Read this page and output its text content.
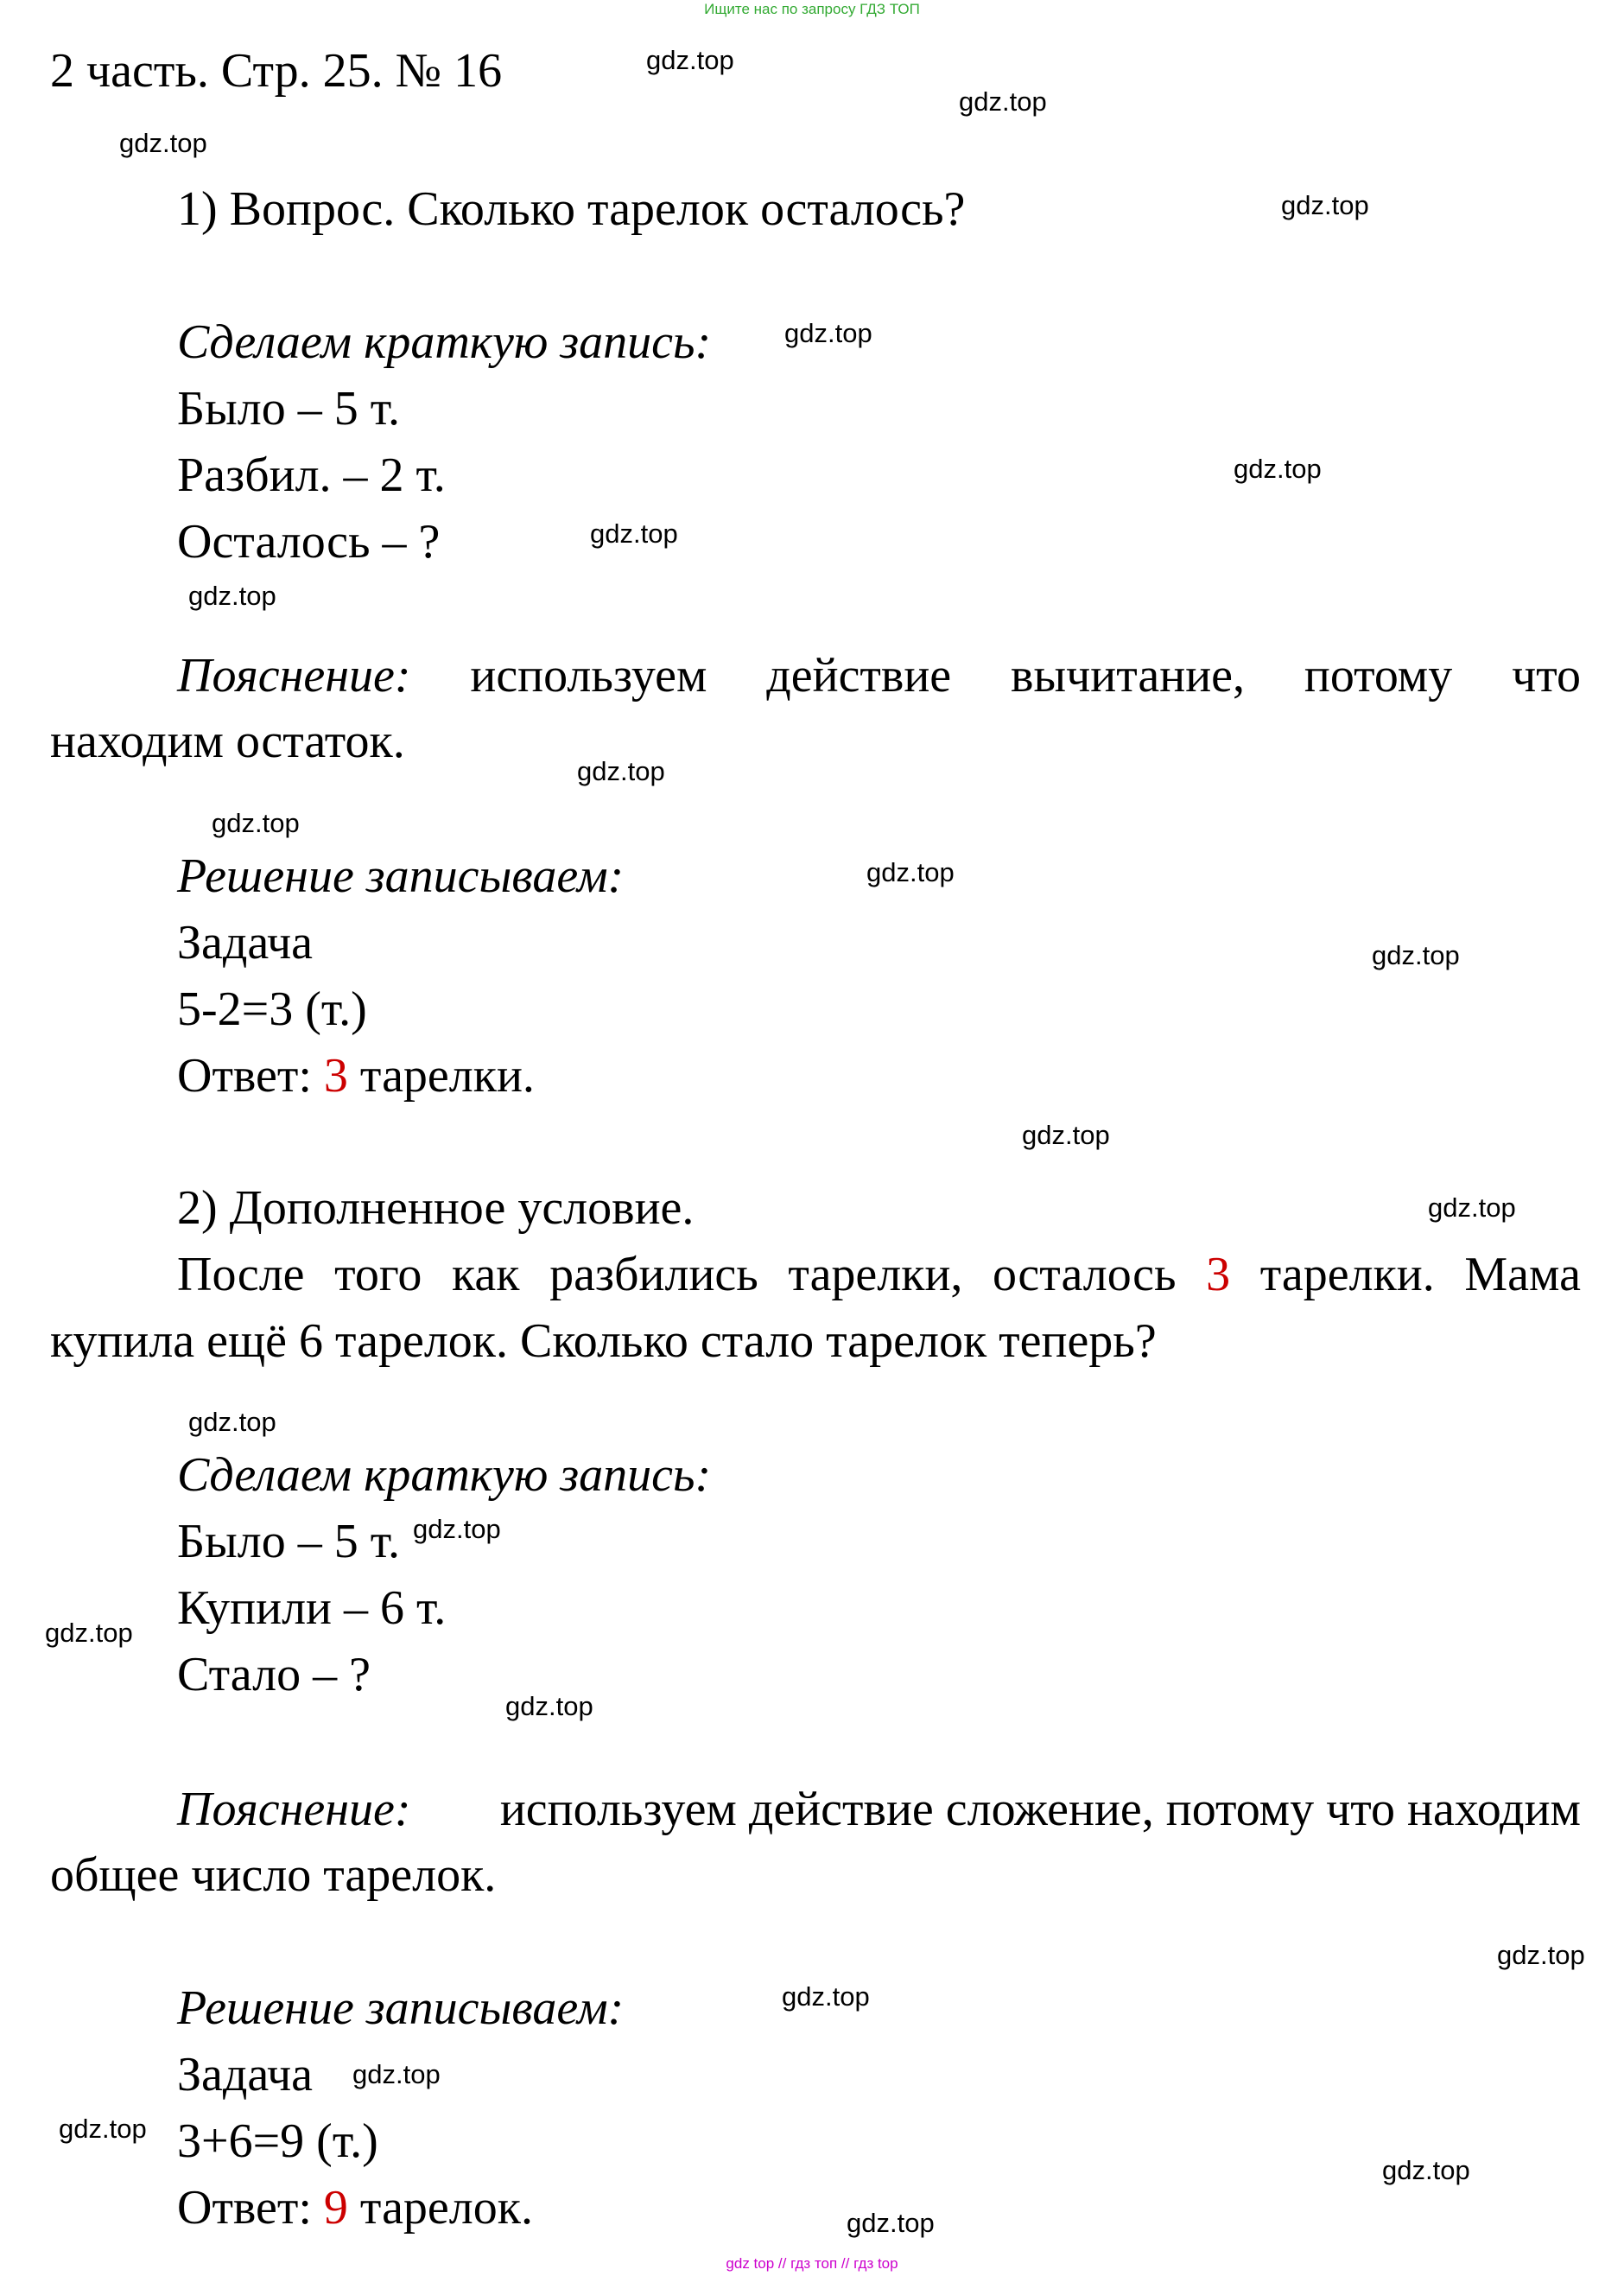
Ищите нас по запросу ГДЗ ТОП
2 часть. Стр. 25. № 16
1) Вопрос. Сколько тарелок осталось?
Сделаем краткую запись:
Было – 5 т.
Разбил. – 2 т.
Осталось – ?
Пояснение: используем действие вычитание, потому что
находим остаток.
Решение записываем:
Задача
5-2=3 (т.)
Ответ: 3 тарелки.
2) Дополненное условие.
После того как разбились тарелки, осталось 3 тарелки. Мама
купила ещё 6 тарелок. Сколько стало тарелок теперь?
Сделаем краткую запись:
Было – 5 т.
Купили – 6 т.
Стало – ?
Пояснение: используем действие сложение, потому что находим
общее число тарелок.
Решение записываем:
Задача
3+6=9 (т.)
Ответ: 9 тарелок.
gdz.top
gdz.top
gdz.top
gdz.top
gdz.top
gdz.top
gdz.top
gdz.top
gdz.top
gdz.top
gdz.top
gdz.top
gdz.top
gdz.top
gdz.top
gdz.top
gdz.top
gdz.top
gdz.top
gdz.top
gdz.top
gdz.top
gdz.top
gdz.top
gdz top // гдз топ // гдз top
